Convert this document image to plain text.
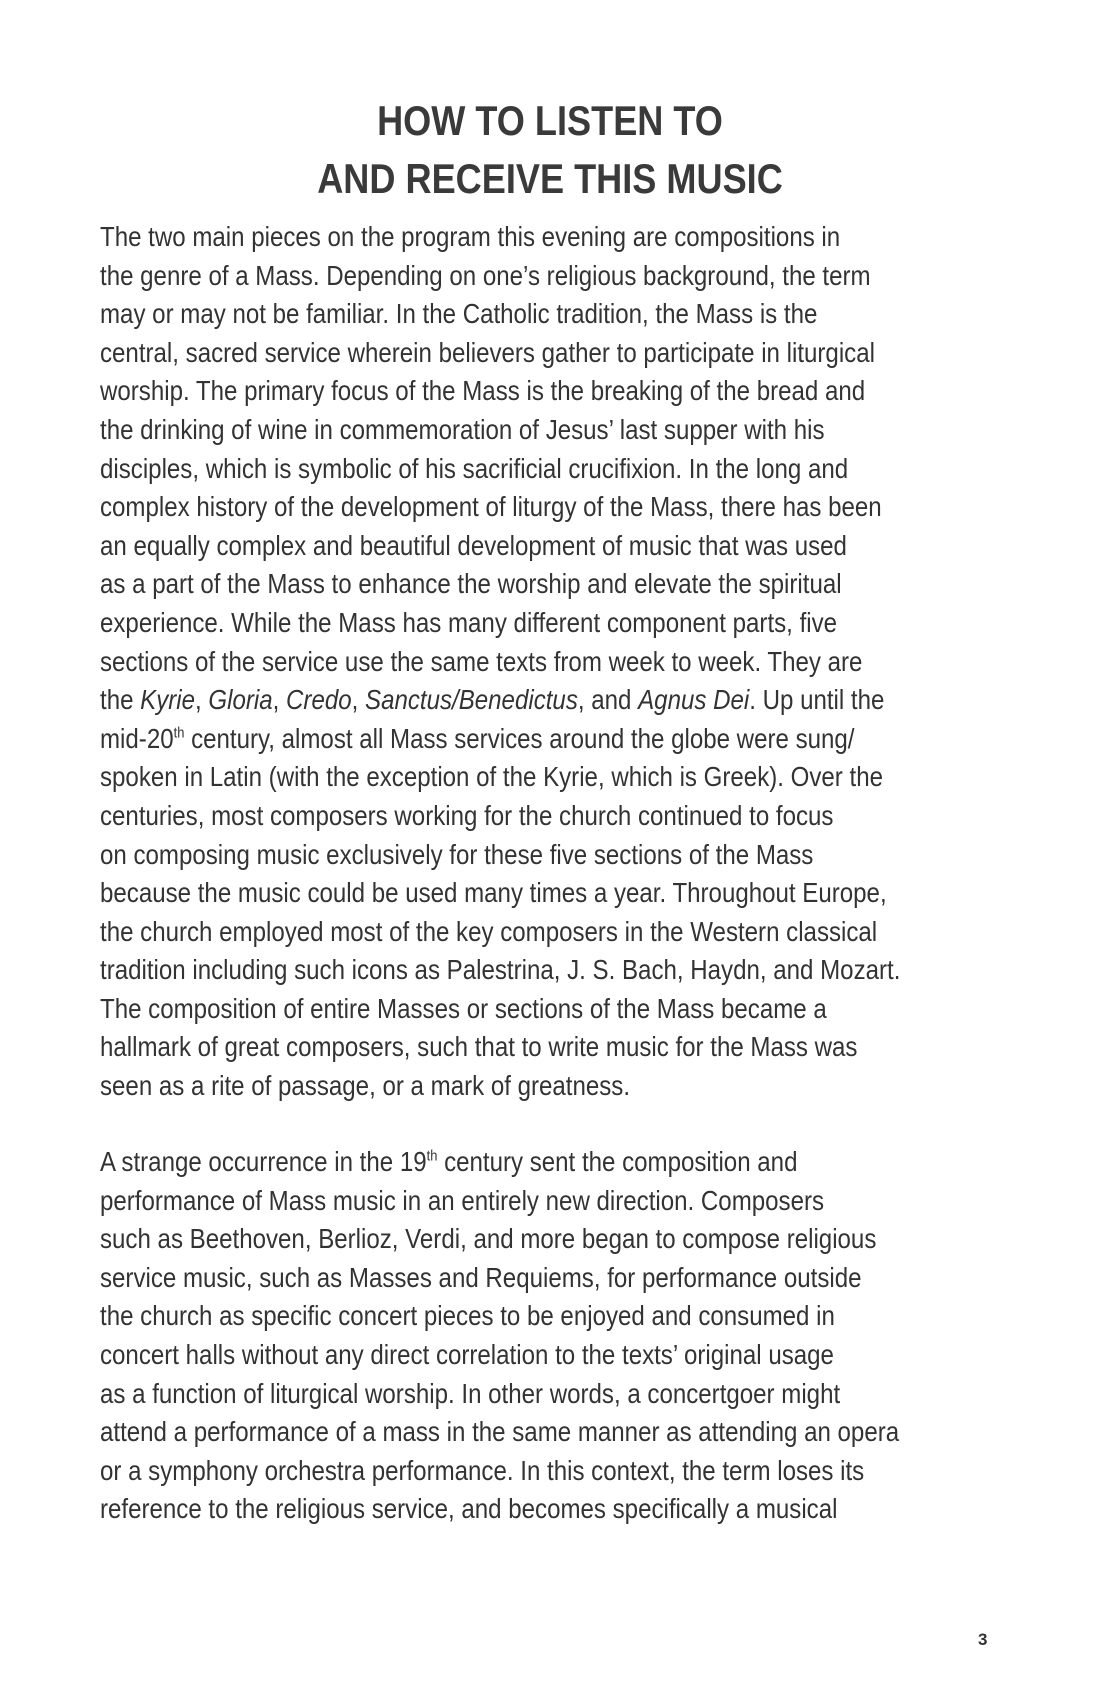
HOW TO LISTEN TO
AND RECEIVE THIS MUSIC
The two main pieces on the program this evening are compositions in
the genre of a Mass. Depending on one’s religious background, the term
may or may not be familiar. In the Catholic tradition, the Mass is the
central, sacred service wherein believers gather to participate in liturgical
worship. The primary focus of the Mass is the breaking of the bread and
the drinking of wine in commemoration of Jesus’ last supper with his
disciples, which is symbolic of his sacrificial crucifixion. In the long and
complex history of the development of liturgy of the Mass, there has been
an equally complex and beautiful development of music that was used
as a part of the Mass to enhance the worship and elevate the spiritual
experience. While the Mass has many different component parts, five
sections of the service use the same texts from week to week. They are
the Kyrie, Gloria, Credo, Sanctus/Benedictus, and Agnus Dei. Up until the
mid-20th century, almost all Mass services around the globe were sung/
spoken in Latin (with the exception of the Kyrie, which is Greek). Over the
centuries, most composers working for the church continued to focus
on composing music exclusively for these five sections of the Mass
because the music could be used many times a year. Throughout Europe,
the church employed most of the key composers in the Western classical
tradition including such icons as Palestrina, J. S. Bach, Haydn, and Mozart.
The composition of entire Masses or sections of the Mass became a
hallmark of great composers, such that to write music for the Mass was
seen as a rite of passage, or a mark of greatness.
A strange occurrence in the 19th century sent the composition and
performance of Mass music in an entirely new direction. Composers
such as Beethoven, Berlioz, Verdi, and more began to compose religious
service music, such as Masses and Requiems, for performance outside
the church as specific concert pieces to be enjoyed and consumed in
concert halls without any direct correlation to the texts’ original usage
as a function of liturgical worship. In other words, a concertgoer might
attend a performance of a mass in the same manner as attending an opera
or a symphony orchestra performance. In this context, the term loses its
reference to the religious service, and becomes specifically a musical
3
